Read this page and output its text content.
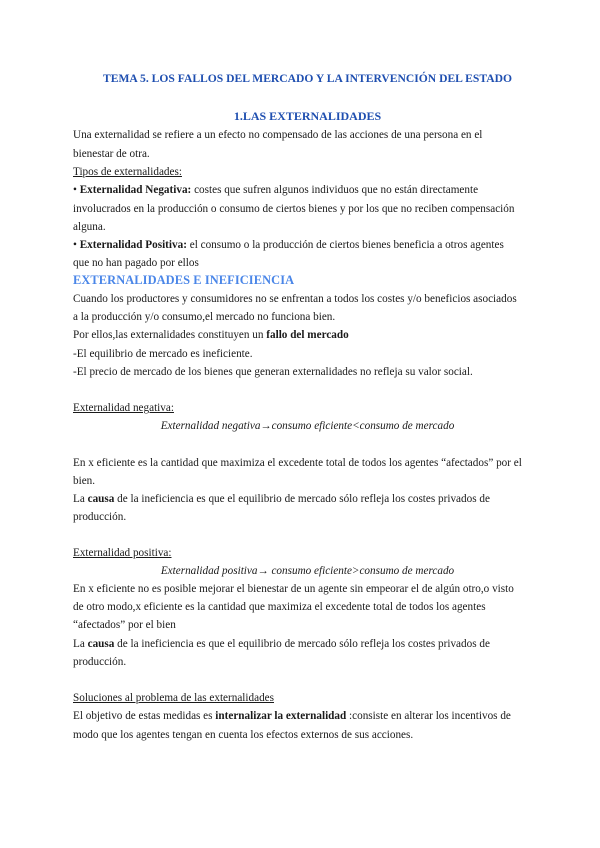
TEMA 5. LOS FALLOS DEL MERCADO Y LA INTERVENCIÓN DEL ESTADO
1.LAS EXTERNALIDADES
Una externalidad se refiere a un efecto no compensado de las acciones de una persona en el
bienestar de otra.
Tipos de externalidades:
• Externalidad Negativa: costes que sufren algunos individuos que no están directamente
involucrados en la producción o consumo de ciertos bienes y por los que no reciben compensación
alguna.
• Externalidad Positiva: el consumo o la producción de ciertos bienes beneficia a otros agentes
que no han pagado por ellos
EXTERNALIDADES E INEFICIENCIA
Cuando los productores y consumidores no se enfrentan a todos los costes y/o beneficios asociados
a la producción y/o consumo,el mercado no funciona bien.
Por ellos,las externalidades constituyen un fallo del mercado
-El equilibrio de mercado es ineficiente.
-El precio de mercado de los bienes que generan externalidades no refleja su valor social.
Externalidad negativa:
Externalidad negativa→consumo eficiente<consumo de mercado
En x eficiente es la cantidad que maximiza el excedente total de todos los agentes “afectados” por el
bien.
La causa de la ineficiencia es que el equilibrio de mercado sólo refleja los costes privados de
producción.
Externalidad positiva:
Externalidad positiva→ consumo eficiente>consumo de mercado
En x eficiente no es posible mejorar el bienestar de un agente sin empeorar el de algún otro,o visto
de otro modo,x eficiente es la cantidad que maximiza el excedente total de todos los agentes
“afectados” por el bien
La causa de la ineficiencia es que el equilibrio de mercado sólo refleja los costes privados de
producción.
Soluciones al problema de las externalidades
El objetivo de estas medidas es internalizar la externalidad :consiste en alterar los incentivos de
modo que los agentes tengan en cuenta los efectos externos de sus acciones.
